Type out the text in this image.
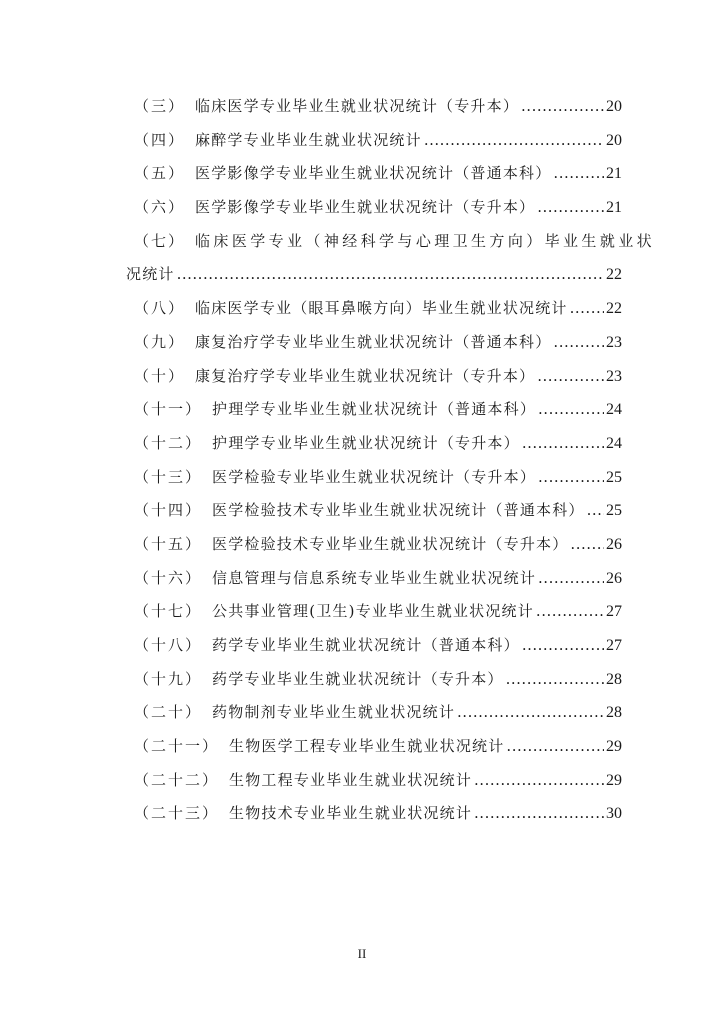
（三） 临床医学专业毕业生就业状况统计（专升本） .....	20
（四） 麻醉学专业毕业生就业状况统计 .....	20
（五） 医学影像学专业毕业生就业状况统计（普通本科） .....	21
（六） 医学影像学专业毕业生就业状况统计（专升本） .....	21
（七） 临床医学专业（神经科学与心理卫生方向）毕业生就业状
况统计 .....	22
（八） 临床医学专业（眼耳鼻喉方向）毕业生就业状况统计 ..... 22
（九） 康复治疗学专业毕业生就业状况统计（普通本科） .....	23
（十） 康复治疗学专业毕业生就业状况统计（专升本） .....	23
（十一） 护理学专业毕业生就业状况统计（普通本科） .....	24
（十二） 护理学专业毕业生就业状况统计（专升本） .....	24
（十三） 医学检验专业毕业生就业状况统计（专升本） .....	25
（十四） 医学检验技术专业毕业生就业状况统计（普通本科） ..... 25
（十五） 医学检验技术专业毕业生就业状况统计（专升本） ..... 26
（十六） 信息管理与信息系统专业毕业生就业状况统计 .....	26
（十七） 公共事业管理(卫生)专业毕业生就业状况统计 .....	27
（十八） 药学专业毕业生就业状况统计（普通本科） .....	27
（十九） 药学专业毕业生就业状况统计（专升本） .....	28
（二十） 药物制剂专业毕业生就业状况统计 .....	28
（二十一） 生物医学工程专业毕业生就业状况统计 .....	29
（二十二） 生物工程专业毕业生就业状况统计 .....	29
（二十三） 生物技术专业毕业生就业状况统计 .....	30
II
